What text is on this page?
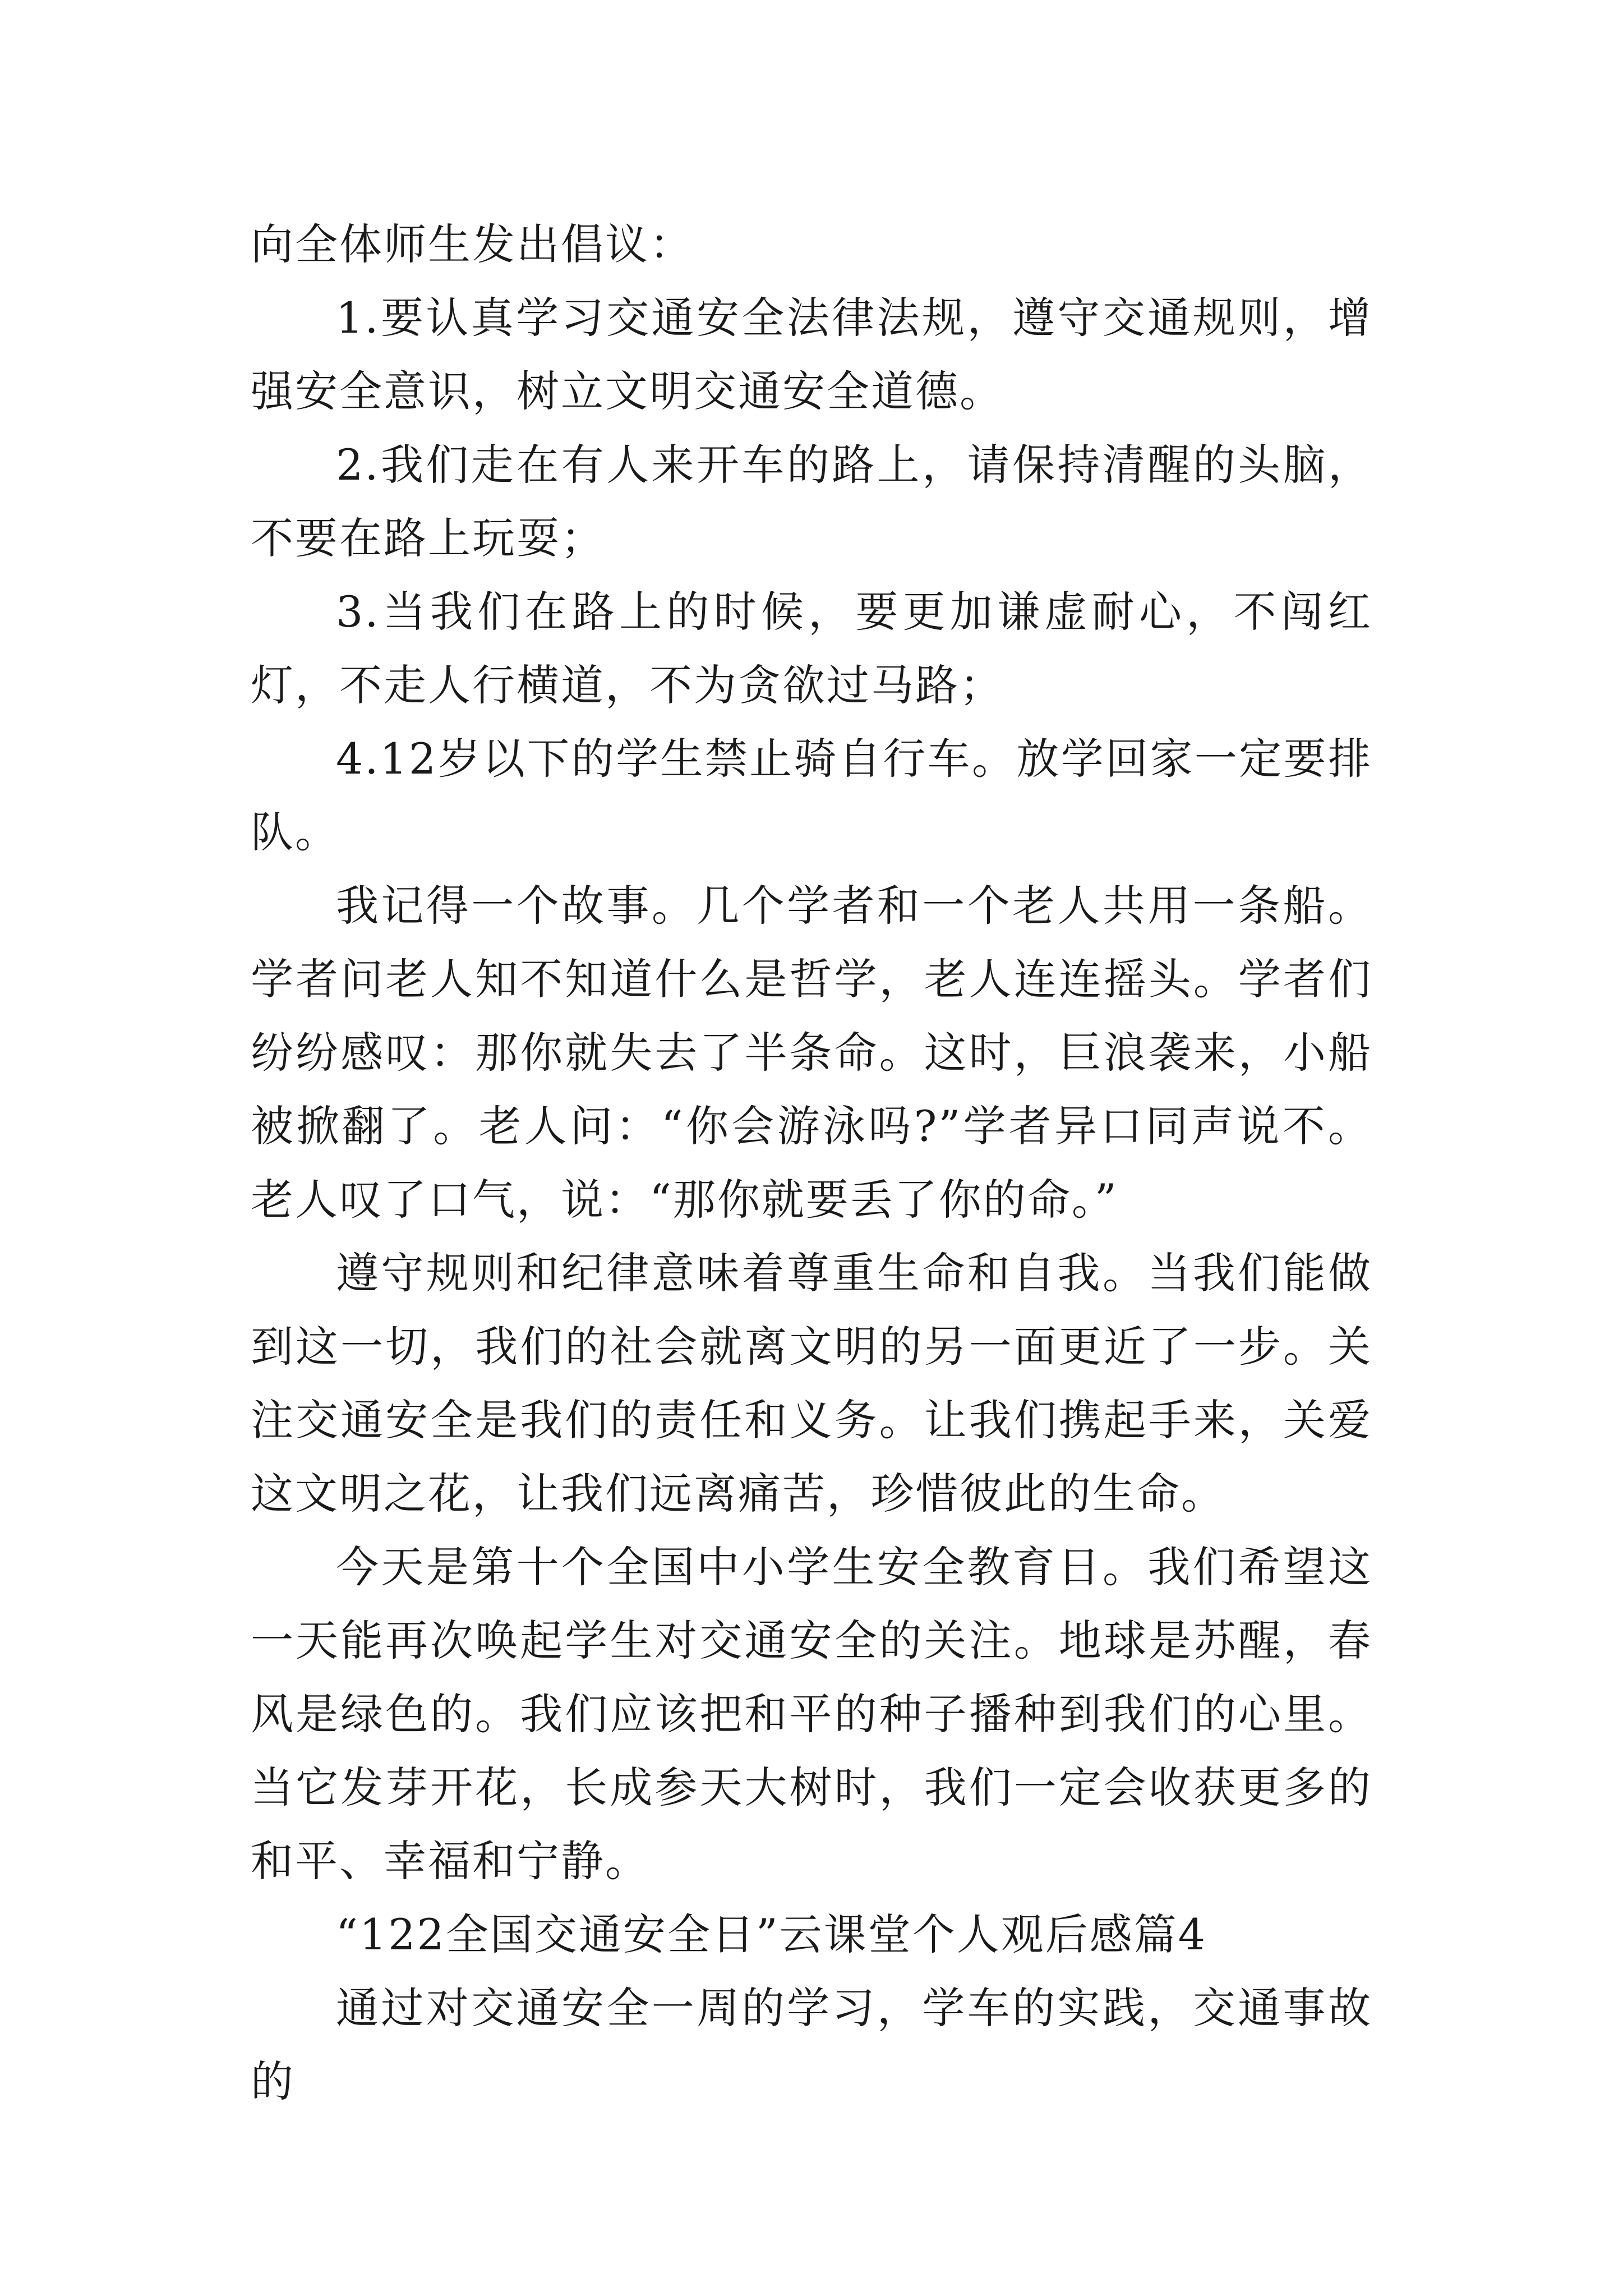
向全体师生发出倡议：

1.要认真学习交通安全法律法规，遵守交通规则，增强安全意识，树立文明交通安全道德。

2.我们走在有人来开车的路上，请保持清醒的头脑，不要在路上玩耍；

3.当我们在路上的时候，要更加谦虚耐心，不闯红灯，不走人行横道，不为贪欲过马路；

4.12岁以下的学生禁止骑自行车。放学回家一定要排队。

我记得一个故事。几个学者和一个老人共用一条船。学者问老人知不知道什么是哲学，老人连连摇头。学者们纷纷感叹：那你就失去了半条命。这时，巨浪袭来，小船被掀翻了。老人问：“你会游泳吗?”学者异口同声说不。老人叹了口气，说：“那你就要丢了你的命。”

遵守规则和纪律意味着尊重生命和自我。当我们能做到这一切，我们的社会就离文明的另一面更近了一步。关注交通安全是我们的责任和义务。让我们携起手来，关爱这文明之花，让我们远离痛苦，珍惜彼此的生命。

今天是第十个全国中小学生安全教育日。我们希望这一天能再次唤起学生对交通安全的关注。地球是苏醒，春风是绿色的。我们应该把和平的种子播种到我们的心里。当它发芽开花，长成参天大树时，我们一定会收获更多的和平、幸福和宁静。

“122全国交通安全日”云课堂个人观后感篇4

通过对交通安全一周的学习，学车的实践，交通事故的
